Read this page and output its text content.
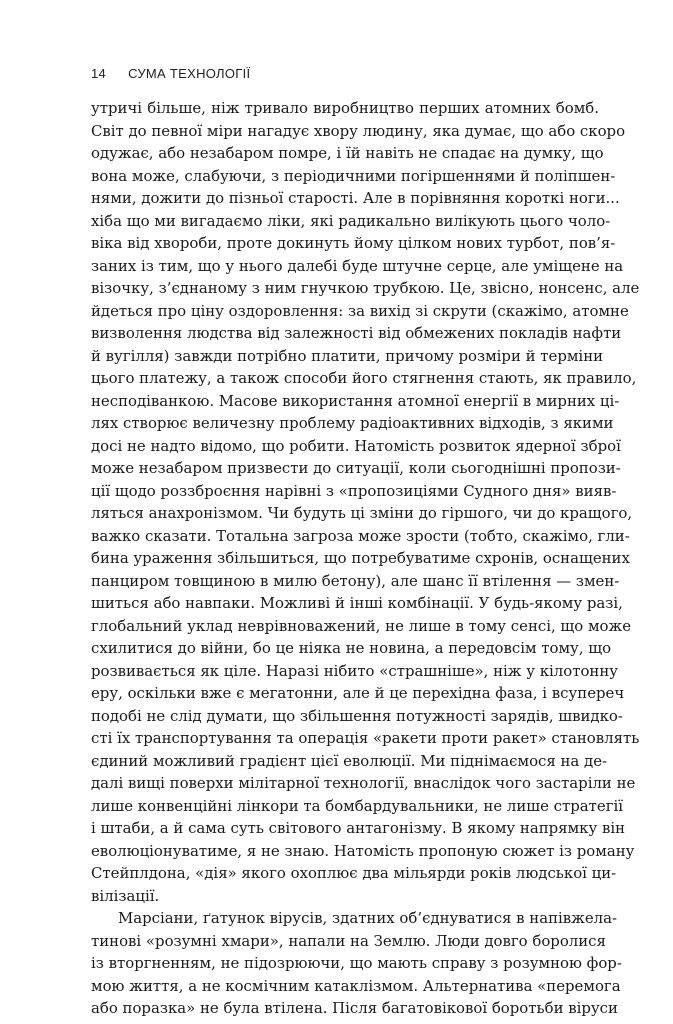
14 СУМА ТЕХНОЛОГІЇ
утричі більше, ніж тривало виробництво перших атомних бомб.
Світ до певної міри нагадує хвору людину, яка думає, що або скоро
одужає, або незабаром помре, і їй навіть не спадає на думку, що
вона може, слабуючи, з періодичними погіршеннями й поліпшен-
нями, дожити до пізньої старості. Але в порівняння короткі ноги...
хіба що ми вигадаємо ліки, які радикально вилікують цього чоло-
віка від хвороби, проте докинуть йому цілком нових турбот, пов’я-
заних із тим, що у нього далебі буде штучне серце, але уміщене на
візочку, з’єднаному з ним гнучкою трубкою. Це, звісно, нонсенс, але
йдеться про ціну оздоровлення: за вихід зі скрути (скажімо, атомне
визволення людства від залежності від обмежених покладів нафти
й вугілля) завжди потрібно платити, причому розміри й терміни
цього платежу, а також способи його стягнення стають, як правило,
несподіванкою. Масове використання атомної енергії в мирних ці-
лях створює величезну проблему радіоактивних відходів, з якими
досі не надто відомо, що робити. Натомість розвиток ядерної зброї
може незабаром призвести до ситуації, коли сьогоднішні пропози-
ції щодо роззброєння нарівні з «пропозиціями Судного дня» вияв-
ляться анахронізмом. Чи будуть ці зміни до гіршого, чи до кращого,
важко сказати. Тотальна загроза може зрости (тобто, скажімо, гли-
бина ураження збільшиться, що потребуватиме схронів, оснащених
панциром товщиною в милю бетону), але шанс її втілення — змен-
шиться або навпаки. Можливі й інші комбінації. У будь-якому разі,
глобальний уклад неврівноважений, не лише в тому сенсі, що може
схилитися до війни, бо це ніяка не новина, а передовсім тому, що
розвивається як ціле. Наразі нібито «страшніше», ніж у кілотонну
еру, оскільки вже є мегатонни, але й це перехідна фаза, і всупереч
подобі не слід думати, що збільшення потужності зарядів, швидко-
сті їх транспортування та операція «ракети проти ракет» становлять
єдиний можливий градієнт цієї еволюції. Ми піднімаємося на де-
далі вищі поверхи мілітарної технології, внаслідок чого застаріли не
лише конвенційні лінкори та бомбардувальники, не лише стратегії
і штаби, а й сама суть світового антагонізму. В якому напрямку він
еволюціонуватиме, я не знаю. Натомість пропоную сюжет із роману
Стейплдона, «дія» якого охоплює два мільярди років людської ци-
вілізації.
Марсіани, ґатунок вірусів, здатних об’єднуватися в напівжела-
тинові «розумні хмари», напали на Землю. Люди довго боролися
із вторгненням, не підозрюючи, що мають справу з розумною фор-
мою життя, а не космічним катаклізмом. Альтернатива «перемога
або поразка» не була втілена. Після багатовікової боротьби віруси
